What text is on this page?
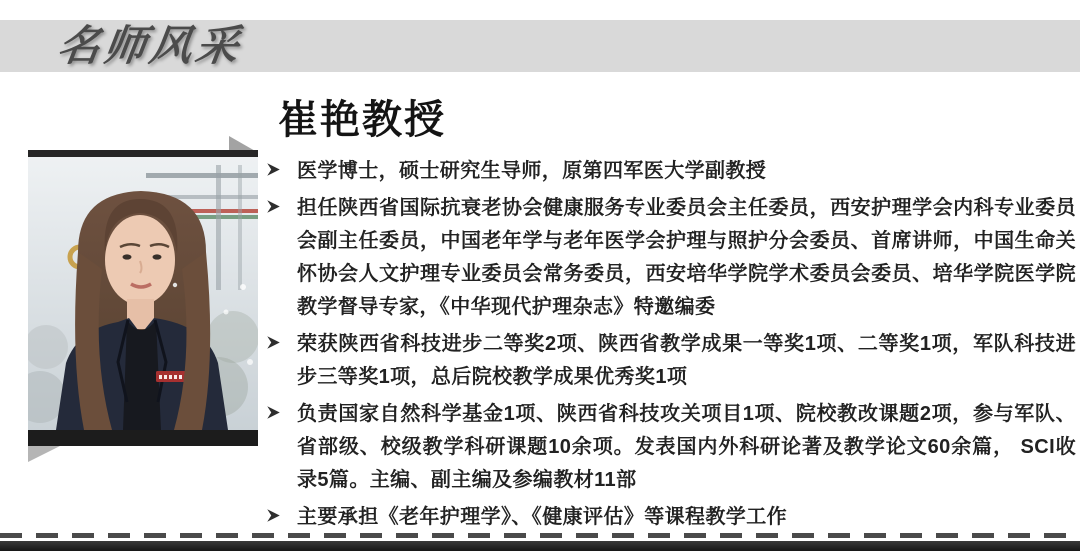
名师风采
崔艳教授
医学博士，硕士研究生导师，原第四军医大学副教授
担任陕西省国际抗衰老协会健康服务专业委员会主任委员，西安护理学会内科专业委员会副主任委员，中国老年学与老年医学会护理与照护分会委员、首席讲师，中国生命关怀协会人文护理专业委员会常务委员，西安培华学院学术委员会委员、培华学院医学院教学督导专家，《中华现代护理杂志》特邀编委
荣获陕西省科技进步二等奖2项、陕西省教学成果一等奖1项、二等奖1项，军队科技进步三等奖1项，总后院校教学成果优秀奖1项
负责国家自然科学基金1项、陕西省科技攻关项目1项、院校教改课题2项，参与军队、省部级、校级教学科研课题10余项。发表国内外科研论著及教学论文60余篇， SCI收录5篇。主编、副主编及参编教材11部
主要承担《老年护理学》、《健康评估》等课程教学工作
